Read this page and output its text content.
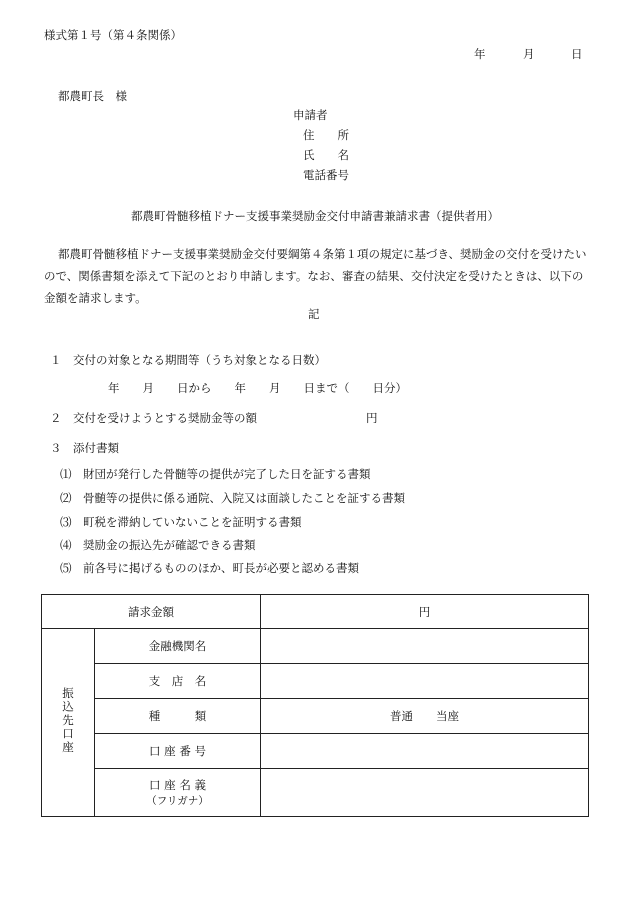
様式第１号（第４条関係）
年	月	日
都農町長　様
申請者
住　　所
氏　　名
電話番号
都農町骨髄移植ドナー支援事業奨励金交付申請書兼請求書（提供者用）
都農町骨髄移植ドナー支援事業奨励金交付要綱第４条第１項の規定に基づき、奨励金の交付を受けたいので、関係書類を添えて下記のとおり申請します。なお、審査の結果、交付決定を受けたときは、以下の金額を請求します。
記
１　交付の対象となる期間等（うち対象となる日数）
年　　月　　日から　　年　　月　　日まで（　　日分）
２　交付を受けようとする奨励金等の額	円
３　添付書類
⑴　財団が発行した骨髄等の提供が完了した日を証する書類
⑵　骨髄等の提供に係る通院、入院又は面談したことを証する書類
⑶　町税を滞納していないことを証明する書類
⑷　奨励金の振込先が確認できる書類
⑸　前各号に掲げるもののほか、町長が必要と認める書類
請求金額		円
振込先口座	金融機関名	
	支　店　名	
	種　　　類	普通　　当座
	口 座 番 号	

	口 座 名 義
（フリガナ）	
